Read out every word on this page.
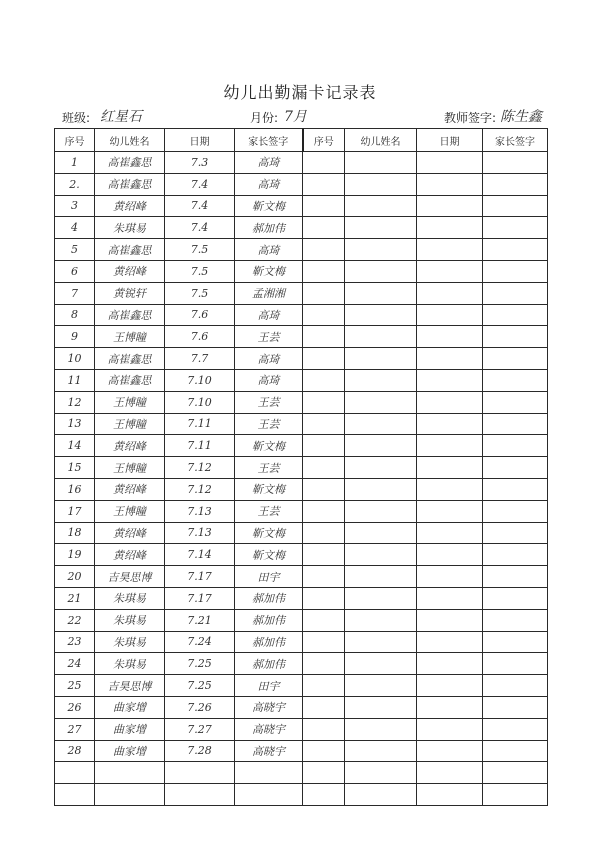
幼儿出勤漏卡记录表
班级: 红星石	月份: 7月	教师签字: 陈生鑫
序号	幼儿姓名	日期	家长签字	序号	幼儿姓名	日期	家长签字
1	高崔鑫思	7.3	高琦				
2.	高崔鑫思	7.4	高琦				
3	黄绍峰	7.4	靳文梅				
4	朱琪易	7.4	郝加伟				
5	高崔鑫思	7.5	高琦				
6	黄绍峰	7.5	靳文梅				
7	黄锐轩	7.5	孟湘湘				
8	高崔鑫思	7.6	高琦				
9	王博瞳	7.6	王芸				
10	高崔鑫思	7.7	高琦				
11	高崔鑫思	7.10	高琦				
12	王博瞳	7.10	王芸				
13	王博瞳	7.11	王芸				
14	黄绍峰	7.11	靳文梅				
15	王博瞳	7.12	王芸				
16	黄绍峰	7.12	靳文梅				
17	王博瞳	7.13	王芸				
18	黄绍峰	7.13	靳文梅				
19	黄绍峰	7.14	靳文梅				
20	吉昊思博	7.17	田宇				
21	朱琪易	7.17	郝加伟				
22	朱琪易	7.21	郝加伟				
23	朱琪易	7.24	郝加伟				
24	朱琪易	7.25	郝加伟				
25	吉昊思博	7.25	田宇				
26	曲家增	7.26	高晓宇				
27	曲家增	7.27	高晓宇				
28	曲家增	7.28	高晓宇				
